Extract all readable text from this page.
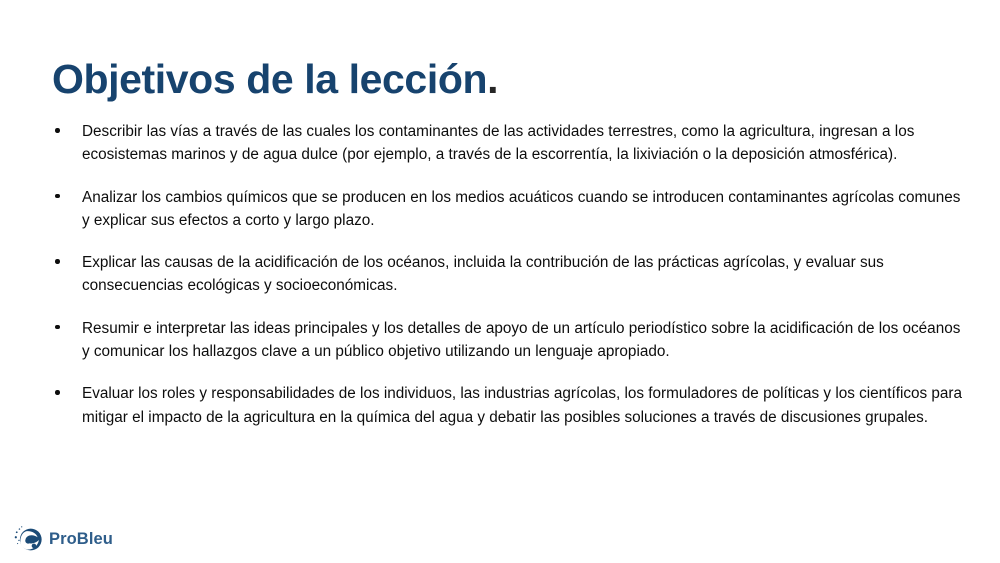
Objetivos de la lección.
Describir las vías a través de las cuales los contaminantes de las actividades terrestres, como la agricultura, ingresan a los ecosistemas marinos y de agua dulce (por ejemplo, a través de la escorrentía, la lixiviación o la deposición atmosférica).
Analizar los cambios químicos que se producen en los medios acuáticos cuando se introducen contaminantes agrícolas comunes y explicar sus efectos a corto y largo plazo.
Explicar las causas de la acidificación de los océanos, incluida la contribución de las prácticas agrícolas, y evaluar sus consecuencias ecológicas y socioeconómicas.
Resumir e interpretar las ideas principales y los detalles de apoyo de un artículo periodístico sobre la acidificación de los océanos y comunicar los hallazgos clave a un público objetivo utilizando un lenguaje apropiado.
Evaluar los roles y responsabilidades de los individuos, las industrias agrícolas, los formuladores de políticas y los científicos para mitigar el impacto de la agricultura en la química del agua y debatir las posibles soluciones a través de discusiones grupales.
ProBleu
